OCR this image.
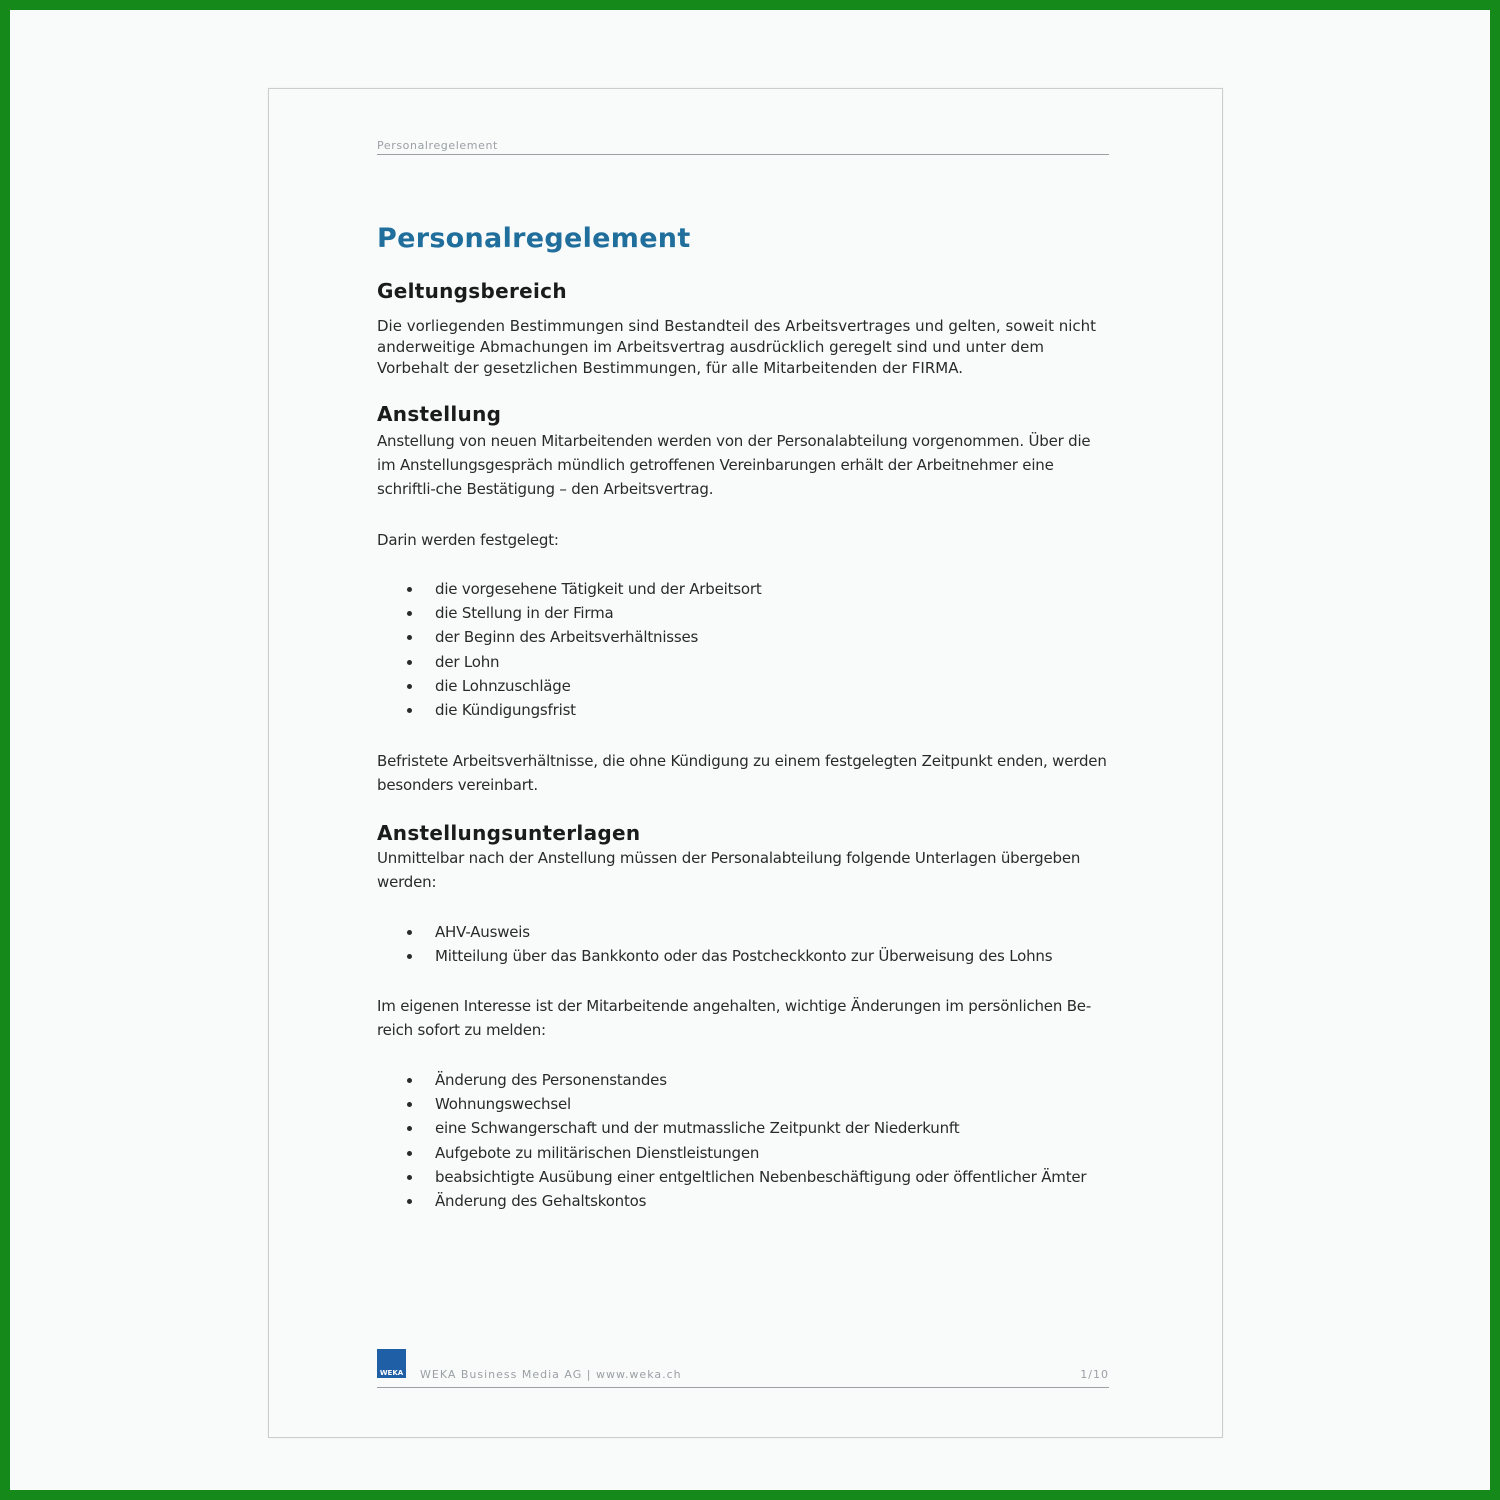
Personalregelement
Personalregelement
Geltungsbereich

Die vorliegenden Bestimmungen sind Bestandteil des Arbeitsvertrages und gelten, soweit nicht anderweitige Abmachungen im Arbeitsvertrag ausdrücklich geregelt sind und unter dem Vorbehalt der gesetzlichen Bestimmungen, für alle Mitarbeitenden der FIRMA.

Anstellung

Anstellung von neuen Mitarbeitenden werden von der Personalabteilung vorgenommen. Über die im Anstellungsgespräch mündlich getroffenen Vereinbarungen erhält der Arbeitnehmer eine schriftli-che Bestätigung – den Arbeitsvertrag.

Darin werden festgelegt:

die vorgesehene Tätigkeit und der Arbeitsort
die Stellung in der Firma
der Beginn des Arbeitsverhältnisses
der Lohn
die Lohnzuschläge
die Kündigungsfrist

Befristete Arbeitsverhältnisse, die ohne Kündigung zu einem festgelegten Zeitpunkt enden, werden besonders vereinbart.

Anstellungsunterlagen

Unmittelbar nach der Anstellung müssen der Personalabteilung folgende Unterlagen übergeben werden:

AHV-Ausweis
Mitteilung über das Bankkonto oder das Postcheckkonto zur Überweisung des Lohns

Im eigenen Interesse ist der Mitarbeitende angehalten, wichtige Änderungen im persönlichen Be-reich sofort zu melden:

Änderung des Personenstandes
Wohnungswechsel
eine Schwangerschaft und der mutmassliche Zeitpunkt der Niederkunft
Aufgebote zu militärischen Dienstleistungen
beabsichtigte Ausübung einer entgeltlichen Nebenbeschäftigung oder öffentlicher Ämter
Änderung des Gehaltskontos
WEKA WEKA Business Media AG | www.weka.ch	1/10
